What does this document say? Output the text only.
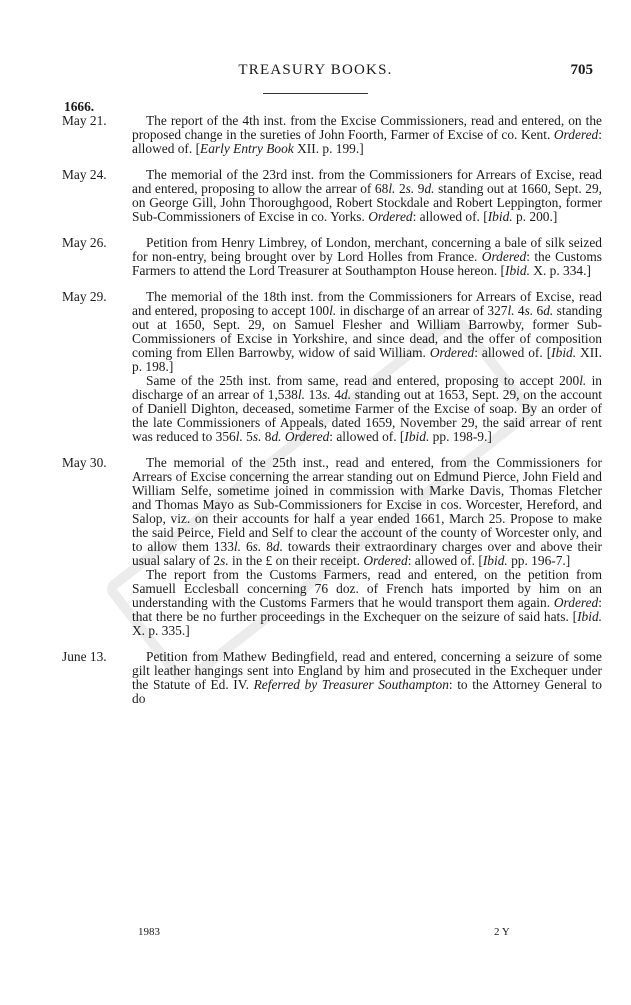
TREASURY BOOKS.	705
1666.
May 21.	The report of the 4th inst. from the Excise Commissioners, read and entered, on the proposed change in the sureties of John Foorth, Farmer of Excise of co. Kent. Ordered: allowed of. [Early Entry Book XII. p. 199.]

May 24.	The memorial of the 23rd inst. from the Commissioners for Arrears of Excise, read and entered, proposing to allow the arrear of 68l. 2s. 9d. standing out at 1660, Sept. 29, on George Gill, John Thoroughgood, Robert Stockdale and Robert Leppington, former Sub-Commissioners of Excise in co. Yorks. Ordered: allowed of. [Ibid. p. 200.]

May 26.	Petition from Henry Limbrey, of London, merchant, concerning a bale of silk seized for non-entry, being brought over by Lord Holles from France. Ordered: the Customs Farmers to attend the Lord Treasurer at Southampton House hereon. [Ibid. X. p. 334.]

May 29.	The memorial of the 18th inst. from the Commissioners for Arrears of Excise, read and entered, proposing to accept 100l. in discharge of an arrear of 327l. 4s. 6d. standing out at 1650, Sept. 29, on Samuel Flesher and William Barrowby, former Sub-Commissioners of Excise in Yorkshire, and since dead, and the offer of composition coming from Ellen Barrowby, widow of said William. Ordered: allowed of. [Ibid. XII. p. 198.]

Same of the 25th inst. from same, read and entered, proposing to accept 200l. in discharge of an arrear of 1,538l. 13s. 4d. standing out at 1653, Sept. 29, on the account of Daniell Dighton, deceased, sometime Farmer of the Excise of soap. By an order of the late Commissioners of Appeals, dated 1659, November 29, the said arrear of rent was reduced to 356l. 5s. 8d. Ordered: allowed of. [Ibid. pp. 198-9.]

May 30.	The memorial of the 25th inst., read and entered, from the Commissioners for Arrears of Excise concerning the arrear standing out on Edmund Pierce, John Field and William Selfe, sometime joined in commission with Marke Davis, Thomas Fletcher and Thomas Mayo as Sub-Commissioners for Excise in cos. Worcester, Hereford, and Salop, viz. on their accounts for half a year ended 1661, March 25. Propose to make the said Peirce, Field and Self to clear the account of the county of Worcester only, and to allow them 133l. 6s. 8d. towards their extraordinary charges over and above their usual salary of 2s. in the £ on their receipt. Ordered: allowed of. [Ibid. pp. 196-7.]

The report from the Customs Farmers, read and entered, on the petition from Samuell Ecclesball concerning 76 doz. of French hats imported by him on an understanding with the Customs Farmers that he would transport them again. Ordered: that there be no further proceedings in the Exchequer on the seizure of said hats. [Ibid. X. p. 335.]

June 13.	Petition from Mathew Bedingfield, read and entered, concerning a seizure of some gilt leather hangings sent into England by him and prosecuted in the Exchequer under the Statute of Ed. IV. Referred by Treasurer Southampton: to the Attorney General to do

1983	2 Y
